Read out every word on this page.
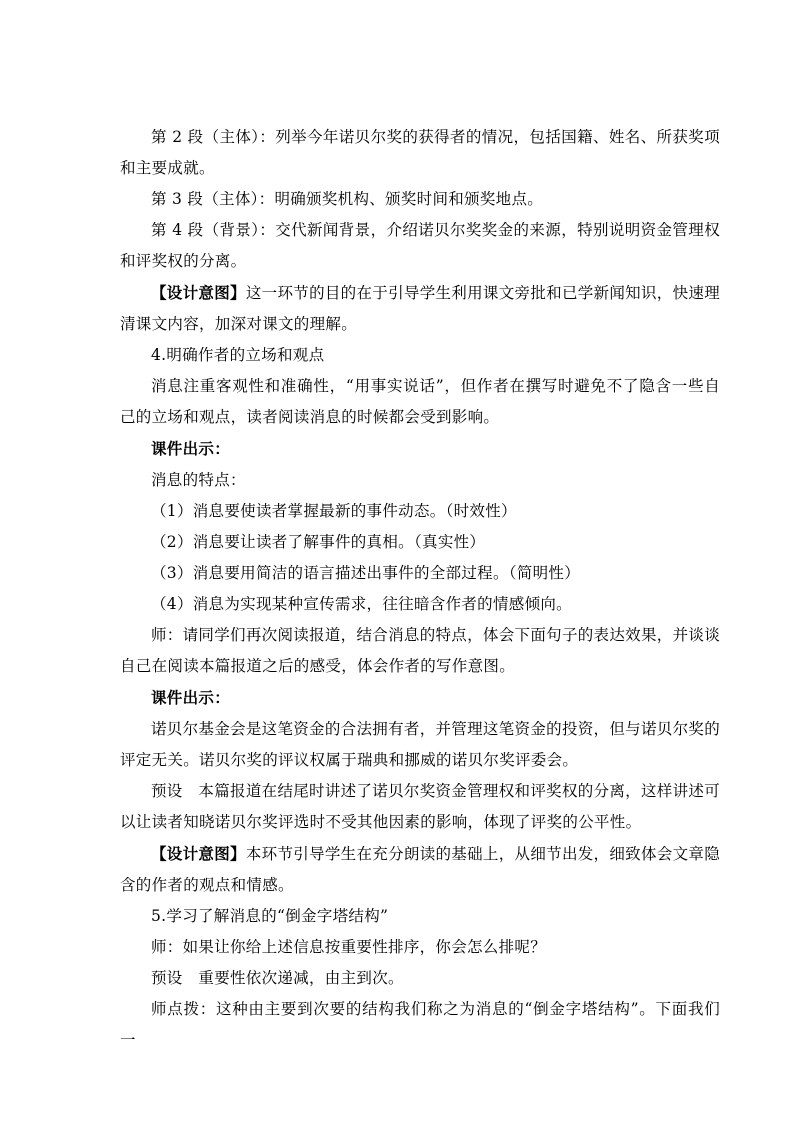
第 2 段（主体）：列举今年诺贝尔奖的获得者的情况，包括国籍、姓名、所获奖项和主要成就。

第 3 段（主体）：明确颁奖机构、颁奖时间和颁奖地点。

第 4 段（背景）：交代新闻背景，介绍诺贝尔奖奖金的来源，特别说明资金管理权和评奖权的分离。

【设计意图】这一环节的目的在于引导学生利用课文旁批和已学新闻知识，快速理清课文内容，加深对课文的理解。

4.明确作者的立场和观点

消息注重客观性和准确性，“用事实说话”，但作者在撰写时避免不了隐含一些自己的立场和观点，读者阅读消息的时候都会受到影响。

课件出示：

消息的特点：

（1）消息要使读者掌握最新的事件动态。（时效性）

（2）消息要让读者了解事件的真相。（真实性）

（3）消息要用简洁的语言描述出事件的全部过程。（简明性）

（4）消息为实现某种宣传需求，往往暗含作者的情感倾向。

师：请同学们再次阅读报道，结合消息的特点，体会下面句子的表达效果，并谈谈自己在阅读本篇报道之后的感受，体会作者的写作意图。

课件出示：

诺贝尔基金会是这笔资金的合法拥有者，并管理这笔资金的投资，但与诺贝尔奖的评定无关。诺贝尔奖的评议权属于瑞典和挪威的诺贝尔奖评委会。

预设　本篇报道在结尾时讲述了诺贝尔奖资金管理权和评奖权的分离，这样讲述可以让读者知晓诺贝尔奖评选时不受其他因素的影响，体现了评奖的公平性。

【设计意图】本环节引导学生在充分朗读的基础上，从细节出发，细致体会文章隐含的作者的观点和情感。

5.学习了解消息的“倒金字塔结构”

师：如果让你给上述信息按重要性排序，你会怎么排呢？

预设　重要性依次递减，由主到次。

师点拨：这种由主要到次要的结构我们称之为消息的“倒金字塔结构”。下面我们一
